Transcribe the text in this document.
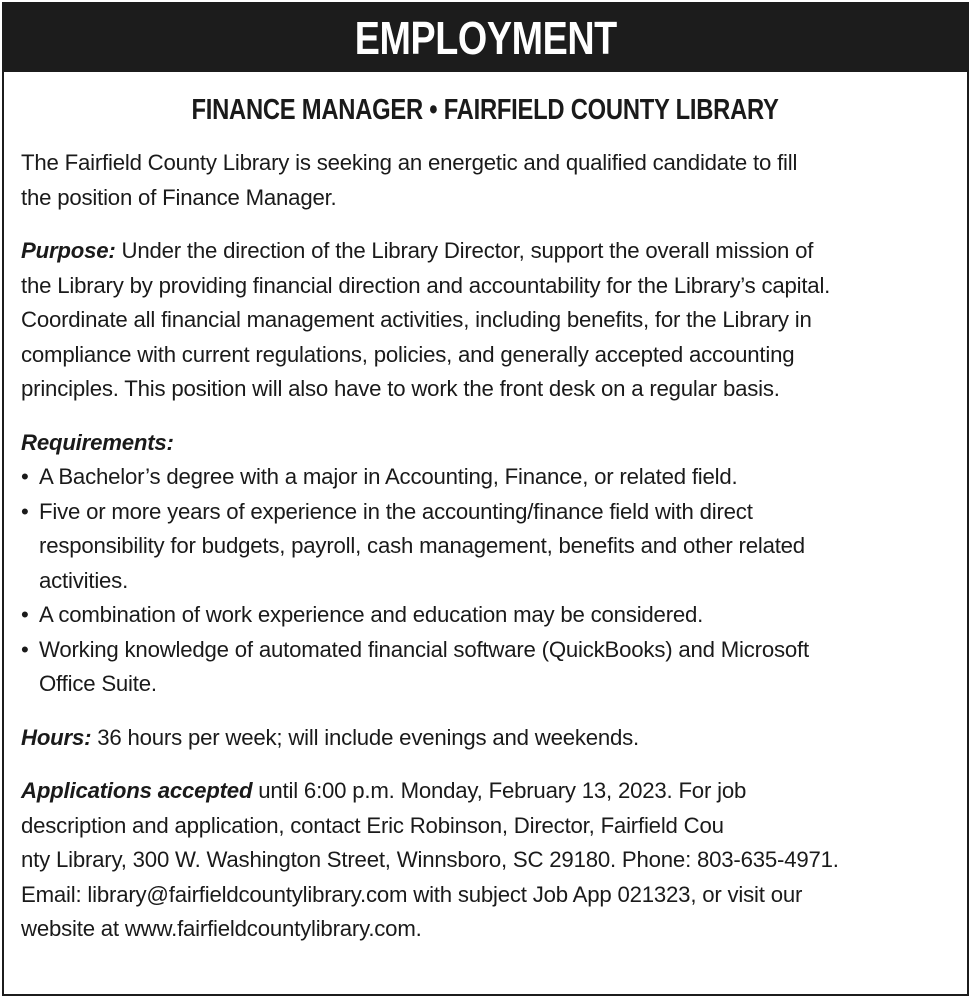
EMPLOYMENT
FINANCE MANAGER • FAIRFIELD COUNTY LIBRARY

The Fairfield County Library is seeking an energetic and qualified candidate to fill
the position of Finance Manager.

Purpose: Under the direction of the Library Director, support the overall mission of
the Library by providing financial direction and accountability for the Library’s capital.
Coordinate all financial management activities, including benefits, for the Library in
compliance with current regulations, policies, and generally accepted accounting
principles. This position will also have to work the front desk on a regular basis.

Requirements:

• A Bachelor’s degree with a major in Accounting, Finance, or related field.

• Five or more years of experience in the accounting/finance field with direct
responsibility for budgets, payroll, cash management, benefits and other related
activities.

• A combination of work experience and education may be considered.

• Working knowledge of automated financial software (QuickBooks) and Microsoft
Office Suite.

Hours: 36 hours per week; will include evenings and weekends.

Applications accepted until 6:00 p.m. Monday, February 13, 2023. For job
description and application, contact Eric Robinson, Director, Fairfield Cou
nty Library, 300 W. Washington Street, Winnsboro, SC 29180. Phone: 803-635-4971.
Email: library@fairfieldcountylibrary.com with subject Job App 021323, or visit our
website at www.fairfieldcountylibrary.com.
